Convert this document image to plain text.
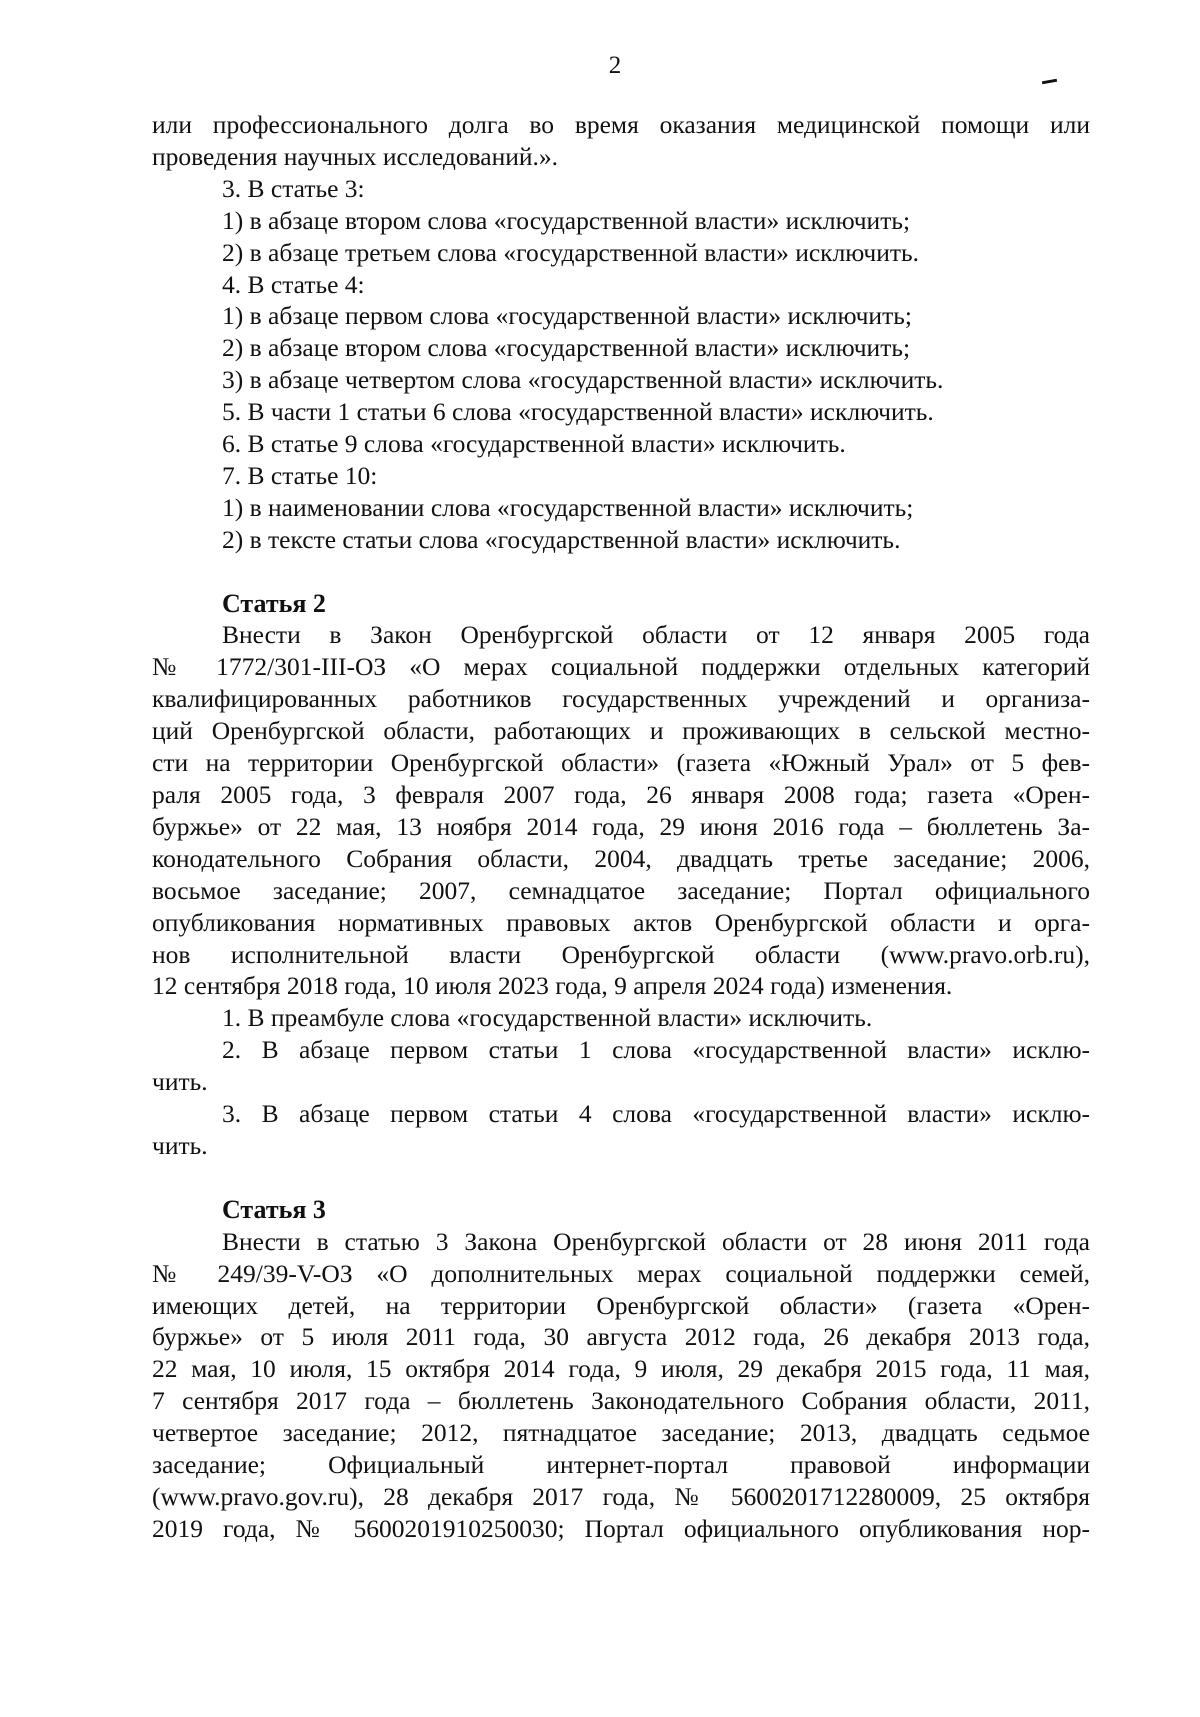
2
или профессионального долга во время оказания медицинской помощи или
проведения научных исследований.».
3. В статье 3:
1) в абзаце втором слова «государственной власти» исключить;
2) в абзаце третьем слова «государственной власти» исключить.
4. В статье 4:
1) в абзаце первом слова «государственной власти» исключить;
2) в абзаце втором слова «государственной власти» исключить;
3) в абзаце четвертом слова «государственной власти» исключить.
5. В части 1 статьи 6 слова «государственной власти» исключить.
6. В статье 9 слова «государственной власти» исключить.
7. В статье 10:
1) в наименовании слова «государственной власти» исключить;
2) в тексте статьи слова «государственной власти» исключить.
Статья 2
Внести в Закон Оренбургской области от 12 января 2005 года
№ 1772/301-III-ОЗ «О мерах социальной поддержки отдельных категорий
квалифицированных работников государственных учреждений и организа-
ций Оренбургской области, работающих и проживающих в сельской местно-
сти на территории Оренбургской области» (газета «Южный Урал» от 5 фев-
раля 2005 года, 3 февраля 2007 года, 26 января 2008 года; газета «Орен-
буржье» от 22 мая, 13 ноября 2014 года, 29 июня 2016 года – бюллетень За-
конодательного Собрания области, 2004, двадцать третье заседание; 2006,
восьмое заседание; 2007, семнадцатое заседание; Портал официального
опубликования нормативных правовых актов Оренбургской области и орга-
нов исполнительной власти Оренбургской области (www.pravo.orb.ru),
12 сентября 2018 года, 10 июля 2023 года, 9 апреля 2024 года) изменения.
1. В преамбуле слова «государственной власти» исключить.
2. В абзаце первом статьи 1 слова «государственной власти» исклю-
чить.
3. В абзаце первом статьи 4 слова «государственной власти» исклю-
чить.
Статья 3
Внести в статью 3 Закона Оренбургской области от 28 июня 2011 года
№ 249/39-V-ОЗ «О дополнительных мерах социальной поддержки семей,
имеющих детей, на территории Оренбургской области» (газета «Орен-
буржье» от 5 июля 2011 года, 30 августа 2012 года, 26 декабря 2013 года,
22 мая, 10 июля, 15 октября 2014 года, 9 июля, 29 декабря 2015 года, 11 мая,
7 сентября 2017 года – бюллетень Законодательного Собрания области, 2011,
четвертое заседание; 2012, пятнадцатое заседание; 2013, двадцать седьмое
заседание; Официальный интернет-портал правовой информации
(www.pravo.gov.ru), 28 декабря 2017 года, № 5600201712280009, 25 октября
2019 года, № 5600201910250030; Портал официального опубликования нор-
